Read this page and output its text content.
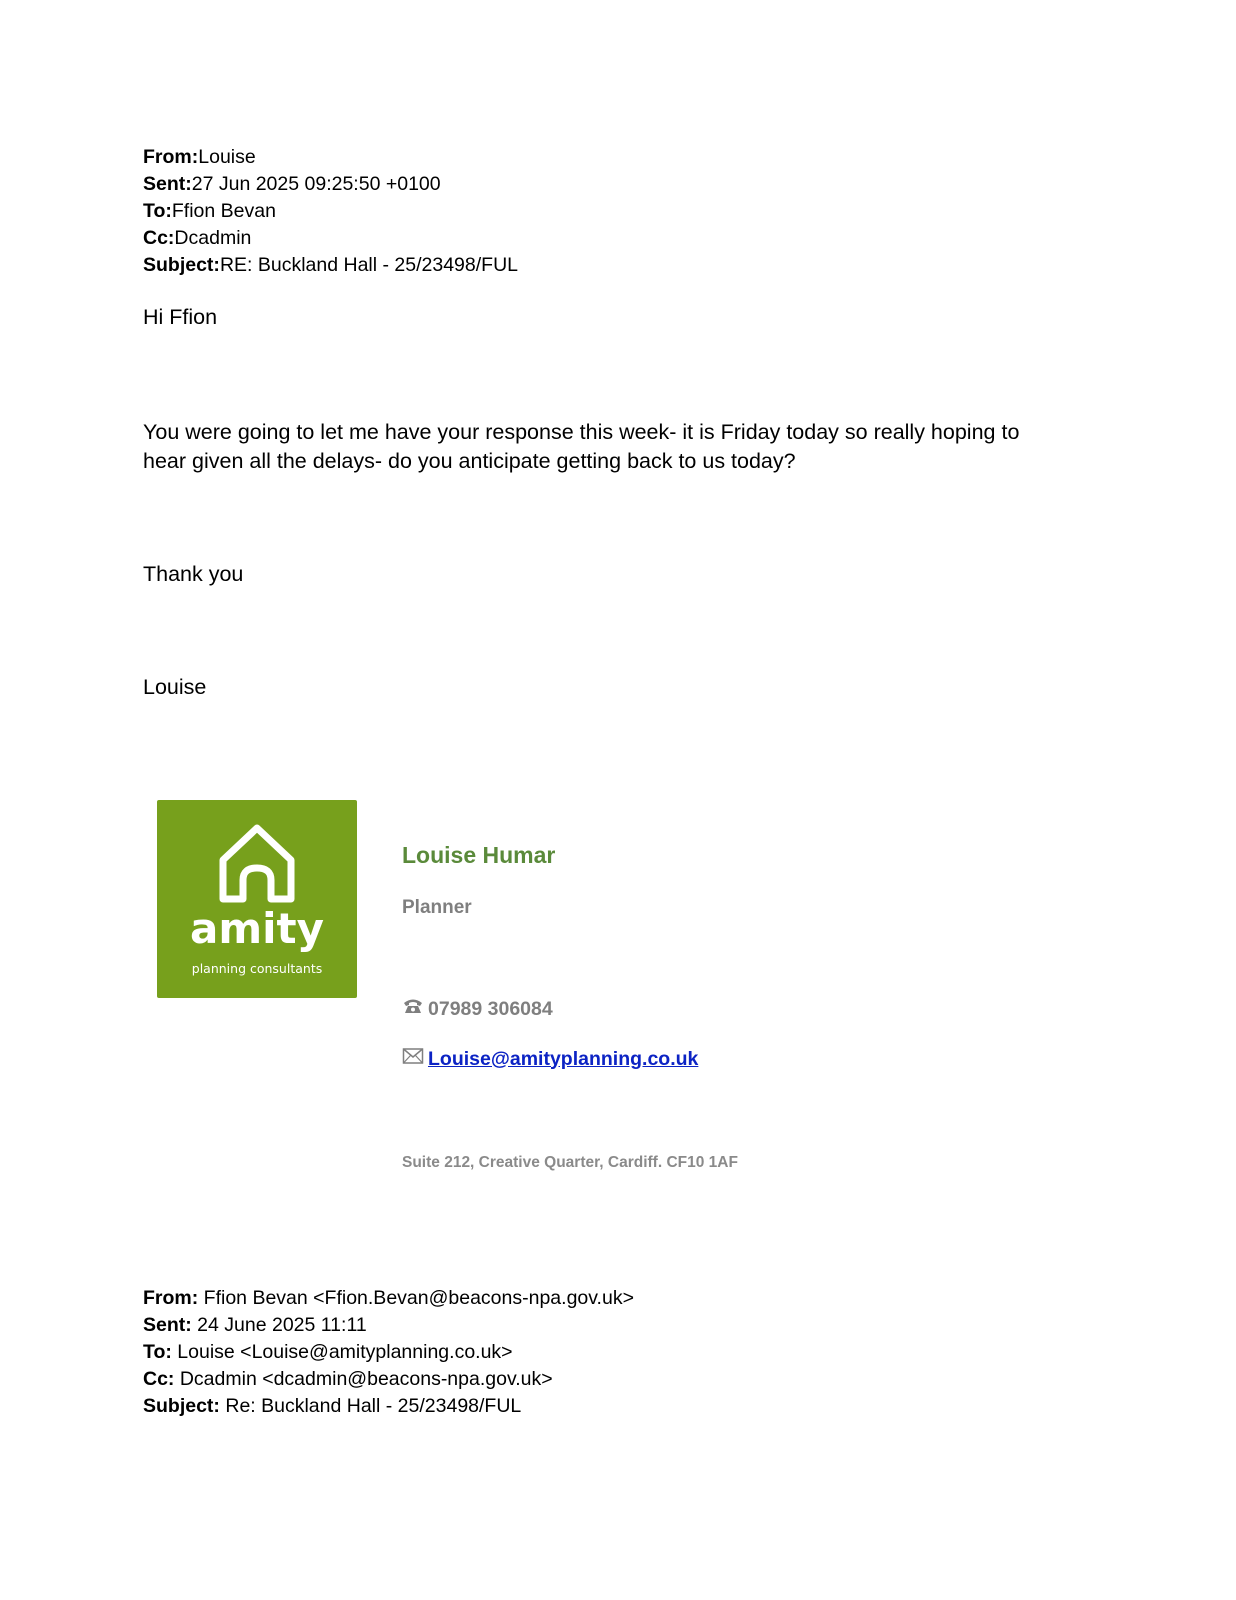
From:Louise
Sent:27 Jun 2025 09:25:50 +0100
To:Ffion Bevan
Cc:Dcadmin
Subject:RE: Buckland Hall - 25/23498/FUL
Hi Ffion
You were going to let me have your response this week- it is Friday today so really hoping to hear given all the delays- do you anticipate getting back to us today?
Thank you
Louise
amity
planning consultants
Louise Humar
Planner
07989 306084
Louise@amityplanning.co.uk
Suite 212, Creative Quarter, Cardiff. CF10 1AF
From: Ffion Bevan <Ffion.Bevan@beacons-npa.gov.uk>
Sent: 24 June 2025 11:11
To: Louise <Louise@amityplanning.co.uk>
Cc: Dcadmin <dcadmin@beacons-npa.gov.uk>
Subject: Re: Buckland Hall - 25/23498/FUL
